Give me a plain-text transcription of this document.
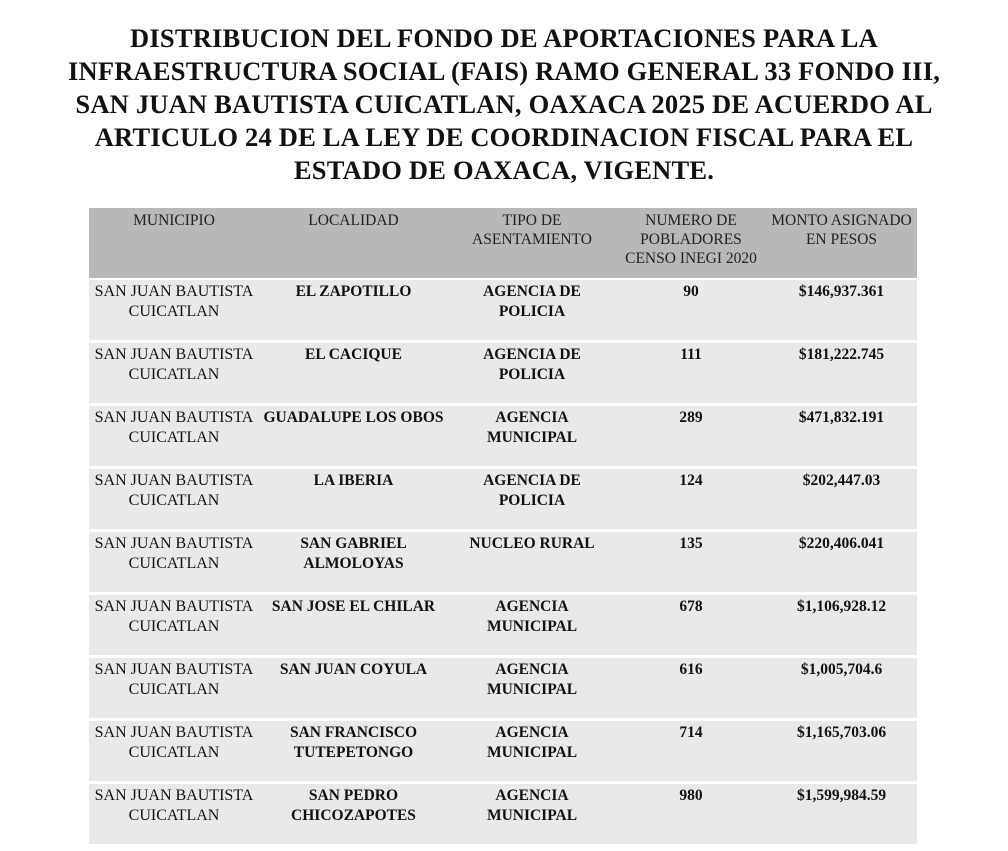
DISTRIBUCION DEL FONDO DE APORTACIONES PARA LA INFRAESTRUCTURA SOCIAL (FAIS) RAMO GENERAL 33 FONDO III, SAN JUAN BAUTISTA CUICATLAN, OAXACA 2025 DE ACUERDO AL ARTICULO 24 DE LA LEY DE COORDINACION FISCAL PARA EL ESTADO DE OAXACA, VIGENTE.
MUNICIPIO	LOCALIDAD	TIPO DE ASENTAMIENTO	NUMERO DE POBLADORES CENSO INEGI 2020	MONTO ASIGNADO EN PESOS
SAN JUAN BAUTISTA CUICATLAN	EL ZAPOTILLO	AGENCIA DE POLICIA	90	$146,937.361
SAN JUAN BAUTISTA CUICATLAN	EL CACIQUE	AGENCIA DE POLICIA	111	$181,222.745
SAN JUAN BAUTISTA CUICATLAN	GUADALUPE LOS OBOS	AGENCIA MUNICIPAL	289	$471,832.191
SAN JUAN BAUTISTA CUICATLAN	LA IBERIA	AGENCIA DE POLICIA	124	$202,447.03
SAN JUAN BAUTISTA CUICATLAN	SAN GABRIEL ALMOLOYAS	NUCLEO RURAL	135	$220,406.041
SAN JUAN BAUTISTA CUICATLAN	SAN JOSE EL CHILAR	AGENCIA MUNICIPAL	678	$1,106,928.12
SAN JUAN BAUTISTA CUICATLAN	SAN JUAN COYULA	AGENCIA MUNICIPAL	616	$1,005,704.6
SAN JUAN BAUTISTA CUICATLAN	SAN FRANCISCO TUTEPETONGO	AGENCIA MUNICIPAL	714	$1,165,703.06
SAN JUAN BAUTISTA CUICATLAN	SAN PEDRO CHICOZAPOTES	AGENCIA MUNICIPAL	980	$1,599,984.59
